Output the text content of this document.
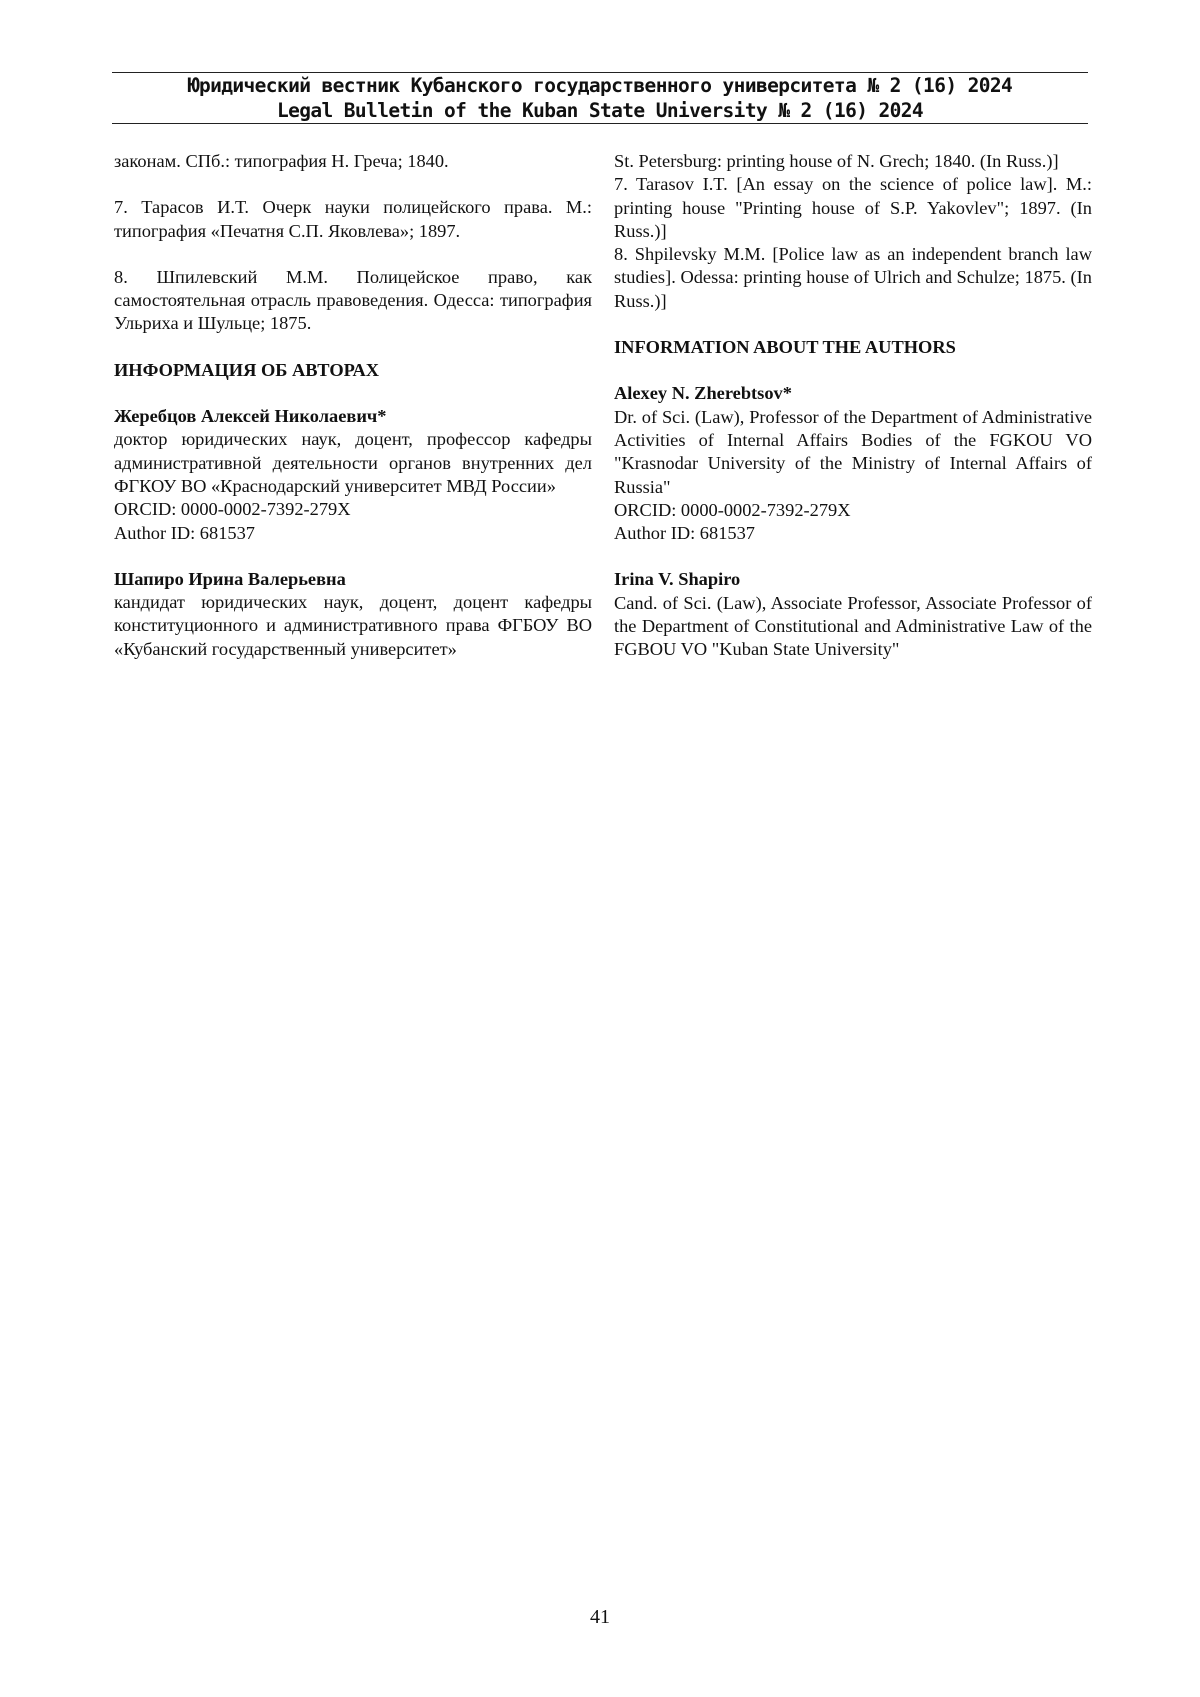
Юридический вестник Кубанского государственного университета № 2 (16) 2024
Legal Bulletin of the Kuban State University № 2 (16) 2024

законам. СПб.: типография Н. Греча; 1840.

7. Тарасов И.Т. Очерк науки полицейского права. М.: типография «Печатня С.П. Яковлева»; 1897.

8. Шпилевский М.М. Полицейское право, как самостоятельная отрасль правоведения. Одесса: типография Ульриха и Шульце; 1875.

ИНФОРМАЦИЯ ОБ АВТОРАХ

Жеребцов Алексей Николаевич*

доктор юридических наук, доцент, профессор кафедры административной деятельности органов внутренних дел ФГКОУ ВО «Краснодарский университет МВД России»

ORCID: 0000-0002-7392-279X

Author ID: 681537

Шапиро Ирина Валерьевна

кандидат юридических наук, доцент, доцент кафедры конституционного и административного права ФГБОУ ВО «Кубанский государственный университет»

St. Petersburg: printing house of N. Grech; 1840. (In Russ.)]

7. Tarasov I.T. [An essay on the science of police law]. M.: printing house "Printing house of S.P. Yakovlev"; 1897. (In Russ.)]

8. Shpilevsky M.M. [Police law as an independent branch law studies]. Odessa: printing house of Ulrich and Schulze; 1875. (In Russ.)]

INFORMATION ABOUT THE AUTHORS

Alexey N. Zherebtsov*

Dr. of Sci. (Law), Professor of the Department of Administrative Activities of Internal Affairs Bodies of the FGKOU VO "Krasnodar University of the Ministry of Internal Affairs of Russia"

ORCID: 0000-0002-7392-279X

Author ID: 681537

Irina V. Shapiro

Cand. of Sci. (Law), Associate Professor, Associate Professor of the Department of Constitutional and Administrative Law of the FGBOU VO "Kuban State University"

41
